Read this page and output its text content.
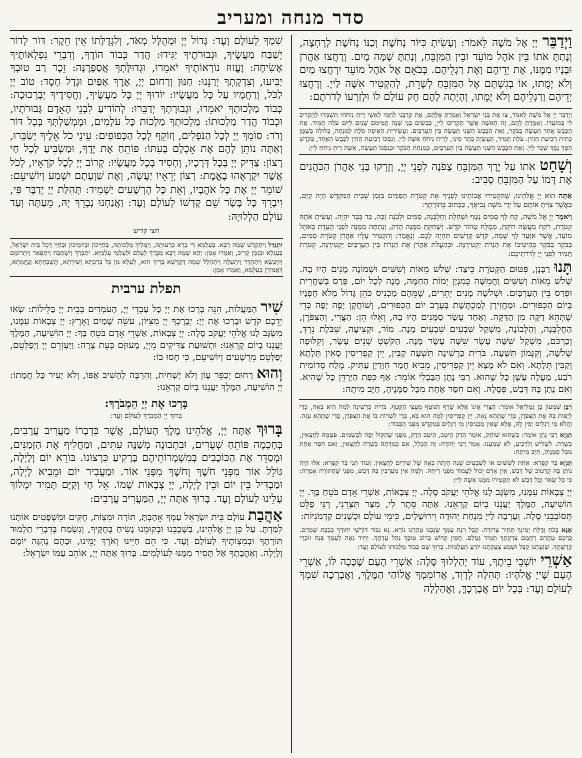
סדר מנחה ומעריב

וַיְדַבֵּר יְיָ אֶל מֹשֶׁה לֵּאמֹר: וְעָשִׂיתָ כִּיּוֹר נְחֹשֶׁת וְכַנּוֹ נְחֹשֶׁת לְרָחְצָה, וְנָתַתָּ אֹתוֹ בֵּין אֹהֶל מוֹעֵד וּבֵין הַמִּזְבֵּחַ, וְנָתַתָּ שָׁמָּה מָיִם. וְרָחֲצוּ אַהֲרֹן וּבָנָיו מִמֶּנּוּ, אֶת יְדֵיהֶם וְאֶת רַגְלֵיהֶם. בְּבֹאָם אֶל אֹהֶל מוֹעֵד יִרְחֲצוּ מַיִם וְלֹא יָמֻתוּ, אוֹ בְגִשְׁתָּם אֶל הַמִּזְבֵּחַ לְשָׁרֵת, לְהַקְטִיר אִשֶּׁה לַייָ. וְרָחֲצוּ יְדֵיהֶם וְרַגְלֵיהֶם וְלֹא יָמֻתוּ, וְהָיְתָה לָהֶם חָק עוֹלָם לוֹ וּלְזַרְעוֹ לְדֹרֹתָם:

וַיְדַבֵּר יְיָ אֶל מֹשֶׁה לֵּאמֹר, צַו אֶת בְּנֵי יִשְׂרָאֵל וְאָמַרְתָּ אֲלֵהֶם, אֶת קָרְבָּנִי לַחְמִי לְאִשַּׁי רֵיחַ נִיחֹחִי תִּשְׁמְרוּ לְהַקְרִיב לִי בְּמוֹעֲדוֹ. וְאָמַרְתָּ לָהֶם, זֶה הָאִשֶּׁה אֲשֶׁר תַּקְרִיבוּ לַייָ, כְּבָשִׂים בְּנֵי שָׁנָה תְמִימִם שְׁנַיִם לַיּוֹם עֹלָה תָמִיד. אֶת הַכֶּבֶשׂ אֶחָד תַּעֲשֶׂה בַבֹּקֶר, וְאֵת הַכֶּבֶשׂ הַשֵּׁנִי תַּעֲשֶׂה בֵּין הָעַרְבָּיִם. וַעֲשִׂירִית הָאֵיפָה סֹלֶת לְמִנְחָה, בְּלוּלָה בְּשֶׁמֶן כָּתִית רְבִיעִת הַהִין. עֹלַת תָּמִיד, הָעֲשֻׂיָה בְּהַר סִינַי, לְרֵיחַ נִיחֹחַ אִשֶּׁה לַייָ. וְנִסְכּוֹ רְבִיעִת הַהִין לַכֶּבֶשׂ הָאֶחָד, בַּקֹּדֶשׁ הַסֵּךְ נֶסֶךְ שֵׁכָר לַייָ. וְאֵת הַכֶּבֶשׂ הַשֵּׁנִי תַּעֲשֶׂה בֵּין הָעַרְבָּיִם, כְּמִנְחַת הַבֹּקֶר וּכְנִסְכּוֹ תַּעֲשֶׂה, אִשֵּׁה רֵיחַ נִיחֹחַ לַייָ:

וְשָׁחַט אֹתוֹ עַל יֶרֶךְ הַמִּזְבֵּחַ צָפֹנָה לִפְנֵי יְיָ, וְזָרְקוּ בְּנֵי אַהֲרֹן הַכֹּהֲנִים אֶת דָּמוֹ עַל הַמִּזְבֵּחַ סָבִיב:

אַתָּה הוּא יְיָ אֱלֹהֵינוּ, שֶׁהִקְטִירוּ אֲבוֹתֵינוּ לְפָנֶיךָ אֶת קְטֹרֶת הַסַּמִּים בִּזְמַן שֶׁבֵּית הַמִּקְדָּשׁ הָיָה קַיָּם, כַּאֲשֶׁר צִוִּיתָ אוֹתָם עַל יְדֵי מֹשֶׁה נְבִיאֶךָ, כַּכָּתוּב בְּתוֹרָתֶךָ:

וַיֹּאמֶר יְיָ אֶל מֹשֶׁה, קַח לְךָ סַמִּים נָטָף וּשְׁחֵלֶת וְחֶלְבְּנָה, סַמִּים וּלְבֹנָה זַכָּה, בַּד בְּבַד יִהְיֶה. וְעָשִׂיתָ אֹתָהּ קְטֹרֶת, רֹקַח מַעֲשֵׂה רוֹקֵחַ, מְמֻלָּח טָהוֹר קֹדֶשׁ. וְשָׁחַקְתָּ מִמֶּנָּה הָדֵק, וְנָתַתָּה מִמֶּנָּה לִפְנֵי הָעֵדֻת בְּאֹהֶל מוֹעֵד, אֲשֶׁר אִוָּעֵד לְךָ שָׁמָּה, קֹדֶשׁ קָדָשִׁים תִּהְיֶה לָכֶם. וְנֶאֱמַר: וְהִקְטִיר עָלָיו אַהֲרֹן קְטֹרֶת סַמִּים, בַּבֹּקֶר בַּבֹּקֶר בְּהֵיטִיבוֹ אֶת הַנֵּרֹת יַקְטִירֶנָּה. וּבְהַעֲלֹת אַהֲרֹן אֶת הַנֵּרֹת בֵּין הָעַרְבַּיִם יַקְטִירֶנָּה, קְטֹרֶת תָּמִיד לִפְנֵי יְיָ לְדֹרֹתֵיכֶם:

תָּנוּ רַבָּנָן, פִּטּוּם הַקְּטֹרֶת כֵּיצַד: שְׁלֹשׁ מֵאוֹת וְשִׁשִּׁים וּשְׁמוֹנָה מָנִים הָיוּ בָהּ. שְׁלֹשׁ מֵאוֹת וְשִׁשִּׁים וַחֲמִשָּׁה כְּמִנְיַן יְמוֹת הַחַמָּה, מָנֶה לְכָל יוֹם, פְּרַס בְּשַׁחֲרִית וּפְרַס בֵּין הָעַרְבָּיִם. וּשְׁלֹשָׁה מָנִים יְתֵרִים, שֶׁמֵּהֶם מַכְנִיס כֹּהֵן גָּדוֹל מְלֹא חָפְנָיו בְּיוֹם הַכִּפּוּרִים. וּמַחֲזִירָן לְמַכְתֶּשֶׁת בְּעֶרֶב יוֹם הַכִּפּוּרִים, וְשׁוֹחֲקָן יָפֶה יָפֶה כְּדֵי שֶׁתְּהֵא דַקָּה מִן הַדַּקָּה. וְאַחַד עָשָׂר סַמָּנִים הָיוּ בָהּ, וְאֵלּוּ הֵן: הַצֳּרִי, וְהַצִּפֹּרֶן, הַחֶלְבְּנָה, וְהַלְּבוֹנָה, מִשְׁקַל שִׁבְעִים שִׁבְעִים מָנֶה. מוֹר, וּקְצִיעָה, שִׁבֹּלֶת נֵרְדְּ, וְכַרְכֹּם, מִשְׁקַל שִׁשָּׁה עָשָׂר שִׁשָּׁה עָשָׂר מָנֶה. הַקֹּשְׁטְ שְׁנֵים עָשָׂר, וְקִלּוּפָה שְׁלֹשָׁה, וְקִנָּמוֹן תִּשְׁעָה. בֹּרִית כַּרְשִׁינָה תִּשְׁעָה קַבִּין, יֵין קַפְרִיסִין סְאִין תְּלָתָא וְקַבִּין תְּלָתָא. וְאִם לֹא מָצָא יֵין קַפְרִיסִין, מֵבִיא חֲמַר חִוַּרְיָן עַתִּיק. מֶלַח סְדוֹמִית רֹבַע, מַעֲלֶה עָשָׁן כָּל שֶׁהוּא. רַבִּי נָתָן הַבַּבְלִי אוֹמֵר: אַף כִּפַּת הַיַּרְדֵּן כָּל שֶׁהִיא. וְאִם נָתַן בָּהּ דְּבַשׁ, פְּסָלָהּ. וְאִם חִסַּר אַחַת מִכָּל סַמָּנֶיהָ, חַיָּב מִיתָה:

רַבָּן שִׁמְעוֹן בֶּן גַּמְלִיאֵל אוֹמֵר: הַצֳּרִי אֵינוֹ אֶלָּא שְׂרָף הַנּוֹטֵף מֵעֲצֵי הַקְּטָף. בֹּרִית כַּרְשִׁינָה לְמָה הִיא בָאָה, כְּדֵי לְיַפּוֹת בָּהּ אֶת הַצִּפֹּרֶן, כְּדֵי שֶׁתְּהֵא נָאָה. יֵין קַפְרִיסִין לְמָה הוּא בָא, כְּדֵי לִשְׁרוֹת בּוֹ אֶת הַצִּפֹּרֶן, כְּדֵי שֶׁתְּהֵא עַזָּה. וַהֲלֹא מֵי רַגְלַיִם יָפִין לָהּ, אֶלָּא שֶׁאֵין מַכְנִיסִין מֵי רַגְלַיִם בַּמִּקְדָּשׁ מִפְּנֵי הַכָּבוֹד:

תַּנְיָא רַבִּי נָתָן אוֹמֵר: כְּשֶׁהוּא שׁוֹחֵק, אוֹמֵר הָדֵק הֵיטֵב, הֵיטֵב הָדֵק, מִפְּנֵי שֶׁהַקּוֹל יָפֶה לַבְּשָׂמִים. פִּטְּמָהּ לַחֲצָאִין, כְּשֵׁרָה. לִשְׁלִישׁ וְלִרְבִיעַ, לֹא שָׁמַעְנוּ. אָמַר רַבִּי יְהוּדָה: זֶה הַכְּלָל, אִם כְּמִדָּתָהּ כְּשֵׁרָה לַחֲצָאִין, וְאִם חִסַּר אַחַת מִכָּל סַמָּנֶיהָ, חַיָּב מִיתָה:

תַּנְיָא בַּר קַפָּרָא: אַחַת לְשִׁשִּׁים אוֹ לְשִׁבְעִים שָׁנָה הָיְתָה בָאָה שֶׁל שִׁירַיִם לַחֲצָאִין. וְעוֹד תָּנֵי בַּר קַפָּרָא: אִלּוּ הָיָה נוֹתֵן בָּהּ קָרְטוֹב שֶׁל דְּבַשׁ, אֵין אָדָם יָכוֹל לַעֲמוֹד מִפְּנֵי רֵיחָהּ. וְלָמָּה אֵין מְעָרְבִין בָּהּ דְּבַשׁ, מִפְּנֵי שֶׁהַתּוֹרָה אָמְרָה: כִּי כָל שְׂאֹר וְכָל דְּבַשׁ לֹא תַקְטִירוּ מִמֶּנּוּ אִשֶּׁה לַייָ:

יְיָ צְבָאוֹת עִמָּנוּ, מִשְׂגָּב לָנוּ אֱלֹהֵי יַעֲקֹב סֶלָה. יְיָ צְבָאוֹת, אַשְׁרֵי אָדָם בֹּטֵחַ בָּךְ. יְיָ הוֹשִׁיעָה, הַמֶּלֶךְ יַעֲנֵנוּ בְיוֹם קָרְאֵנוּ. אַתָּה סֵתֶר לִי, מִצַּר תִּצְּרֵנִי, רָנֵּי פַלֵּט תְּסוֹבְבֵנִי סֶלָה. וְעָרְבָה לַייָ מִנְחַת יְהוּדָה וִירוּשָׁלָיִם, כִּימֵי עוֹלָם וּכְשָׁנִים קַדְמֹנִיּוֹת:

אָנָּא בְּכֹחַ גְּדֻלַּת יְמִינְךָ תַּתִּיר צְרוּרָה. קַבֵּל רִנַּת עַמְּךָ שַׂגְּבֵנוּ טַהֲרֵנוּ נוֹרָא. נָא גִבּוֹר דּוֹרְשֵׁי יִחוּדְךָ כְּבָבַת שָׁמְרֵם. בָּרְכֵם טַהֲרֵם רַחֲמֵם צִדְקָתְךָ תָּמִיד גָּמְלֵם. חֲסִין קָדוֹשׁ בְּרוֹב טוּבְךָ נַהֵל עֲדָתֶךָ. יָחִיד גֵּאֶה לְעַמְּךָ פְּנֵה זוֹכְרֵי קְדֻשָּׁתֶךָ. שַׁוְעָתֵנוּ קַבֵּל וּשְׁמַע צַעֲקָתֵנוּ יוֹדֵעַ תַּעֲלֻמוֹת. בָּרוּךְ שֵׁם כְּבוֹד מַלְכוּתוֹ לְעוֹלָם וָעֶד:

אַשְׁרֵי יוֹשְׁבֵי בֵיתֶךָ, עוֹד יְהַלְלוּךָ סֶּלָה: אַשְׁרֵי הָעָם שֶׁכָּכָה לּוֹ, אַשְׁרֵי הָעָם שֶׁייָ אֱלֹהָיו: תְּהִלָּה לְדָוִד, אֲרוֹמִמְךָ אֱלוֹהַי הַמֶּלֶךְ, וַאֲבָרְכָה שִׁמְךָ לְעוֹלָם וָעֶד: בְּכָל יוֹם אֲבָרְכֶךָּ, וַאֲהַלְלָה

שִׁמְךָ לְעוֹלָם וָעֶד: גָּדוֹל יְיָ וּמְהֻלָּל מְאֹד, וְלִגְדֻלָּתוֹ אֵין חֵקֶר: דּוֹר לְדוֹר יְשַׁבַּח מַעֲשֶׂיךָ, וּגְבוּרֹתֶיךָ יַגִּידוּ: הֲדַר כְּבוֹד הוֹדֶךָ, וְדִבְרֵי נִפְלְאוֹתֶיךָ אָשִׂיחָה: וֶעֱזוּז נוֹרְאוֹתֶיךָ יֹאמֵרוּ, וּגְדוּלָּתְךָ אֲסַפְּרֶנָּה: זֵכֶר רַב טוּבְךָ יַבִּיעוּ, וְצִדְקָתְךָ יְרַנֵּנוּ: חַנּוּן וְרַחוּם יְיָ, אֶרֶךְ אַפַּיִם וּגְדָל חָסֶד: טוֹב יְיָ לַכֹּל, וְרַחֲמָיו עַל כָּל מַעֲשָׂיו: יוֹדוּךָ יְיָ כָּל מַעֲשֶׂיךָ, וַחֲסִידֶיךָ יְבָרְכוּכָה: כְּבוֹד מַלְכוּתְךָ יֹאמֵרוּ, וּגְבוּרָתְךָ יְדַבֵּרוּ: לְהוֹדִיעַ לִבְנֵי הָאָדָם גְּבוּרֹתָיו, וּכְבוֹד הֲדַר מַלְכוּתוֹ: מַלְכוּתְךָ מַלְכוּת כָּל עֹלָמִים, וּמֶמְשַׁלְתְּךָ בְּכָל דּוֹר וָדֹר: סוֹמֵךְ יְיָ לְכָל הַנֹּפְלִים, וְזוֹקֵף לְכָל הַכְּפוּפִים: עֵינֵי כֹל אֵלֶיךָ יְשַׂבֵּרוּ, וְאַתָּה נוֹתֵן לָהֶם אֶת אָכְלָם בְּעִתּוֹ: פּוֹתֵחַ אֶת יָדֶךָ, וּמַשְׂבִּיעַ לְכָל חַי רָצוֹן: צַדִּיק יְיָ בְּכָל דְּרָכָיו, וְחָסִיד בְּכָל מַעֲשָׂיו: קָרוֹב יְיָ לְכָל קֹרְאָיו, לְכֹל אֲשֶׁר יִקְרָאֻהוּ בֶאֱמֶת: רְצוֹן יְרֵאָיו יַעֲשֶׂה, וְאֶת שַׁוְעָתָם יִשְׁמַע וְיוֹשִׁיעֵם: שׁוֹמֵר יְיָ אֶת כָּל אֹהֲבָיו, וְאֵת כָּל הָרְשָׁעִים יַשְׁמִיד: תְּהִלַּת יְיָ יְדַבֶּר פִּי, וִיבָרֵךְ כָּל בָּשָׂר שֵׁם קָדְשׁוֹ לְעוֹלָם וָעֶד: וַאֲנַחְנוּ נְבָרֵךְ יָהּ, מֵעַתָּה וְעַד עוֹלָם הַלְלוּיָהּ:

חצי קדיש

יִתְגַּדַּל וְיִתְקַדַּשׁ שְׁמֵהּ רַבָּא. בְּעָלְמָא דִּי בְרָא כִרְעוּתֵהּ, וְיַמְלִיךְ מַלְכוּתֵהּ, בְּחַיֵּיכוֹן וּבְיוֹמֵיכוֹן וּבְחַיֵּי דְכָל בֵּית יִשְׂרָאֵל, בַּעֲגָלָא וּבִזְמַן קָרִיב, וְאִמְרוּ אָמֵן: יְהֵא שְׁמֵהּ רַבָּא מְבָרַךְ לְעָלַם וּלְעָלְמֵי עָלְמַיָּא. יִתְבָּרַךְ וְיִשְׁתַּבַּח וְיִתְפָּאַר וְיִתְרוֹמַם וְיִתְנַשֵּׂא וְיִתְהַדָּר וְיִתְעַלֶּה וְיִתְהַלָּל שְׁמֵהּ דְּקֻדְשָׁא בְּרִיךְ הוּא, לְעֵלָּא מִן כָּל בִּרְכָתָא וְשִׁירָתָא, תֻּשְׁבְּחָתָא וְנֶחֱמָתָא, דַּאֲמִירָן בְּעָלְמָא, וְאִמְרוּ אָמֵן:

תפלת ערבית

שִׁיר הַמַּעֲלוֹת, הִנֵּה בָּרְכוּ אֶת יְיָ כָּל עַבְדֵי יְיָ, הָעֹמְדִים בְּבֵית יְיָ בַּלֵּילוֹת: שְׂאוּ יְדֵכֶם קֹדֶשׁ וּבָרְכוּ אֶת יְיָ: יְבָרֶכְךָ יְיָ מִצִּיּוֹן, עֹשֵׂה שָׁמַיִם וָאָרֶץ: יְיָ צְבָאוֹת עִמָּנוּ, מִשְׂגָּב לָנוּ אֱלֹהֵי יַעֲקֹב סֶלָה: יְיָ צְבָאוֹת, אַשְׁרֵי אָדָם בֹּטֵחַ בָּךְ: יְיָ הוֹשִׁיעָה, הַמֶּלֶךְ יַעֲנֵנוּ בְיוֹם קָרְאֵנוּ: וּתְשׁוּעַת צַדִּיקִים מֵיְיָ, מָעוּזָּם בְּעֵת צָרָה: וַיַּעְזְרֵם יְיָ וַיְפַלְּטֵם, יְפַלְּטֵם מֵרְשָׁעִים וְיוֹשִׁיעֵם, כִּי חָסוּ בוֹ:

וְהוּא רַחוּם יְכַפֵּר עָוֹן וְלֹא יַשְׁחִית, וְהִרְבָּה לְהָשִׁיב אַפּוֹ, וְלֹא יָעִיר כָּל חֲמָתוֹ: יְיָ הוֹשִׁיעָה, הַמֶּלֶךְ יַעֲנֵנוּ בְיוֹם קָרְאֵנוּ:

בָּרְכוּ אֶת יְיָ הַמְבֹרָךְ:
בָּרוּךְ יְיָ הַמְבֹרָךְ לְעוֹלָם וָעֶד:

בָּרוּךְ אַתָּה יְיָ, אֱלֹהֵינוּ מֶלֶךְ הָעוֹלָם, אֲשֶׁר בִּדְבָרוֹ מַעֲרִיב עֲרָבִים, בְּחָכְמָה פּוֹתֵחַ שְׁעָרִים, וּבִתְבוּנָה מְשַׁנֶּה עִתִּים, וּמַחֲלִיף אֶת הַזְּמַנִּים, וּמְסַדֵּר אֶת הַכּוֹכָבִים בְּמִשְׁמְרוֹתֵיהֶם בָּרָקִיעַ כִּרְצוֹנוֹ. בּוֹרֵא יוֹם וָלָיְלָה, גּוֹלֵל אוֹר מִפְּנֵי חֹשֶׁךְ וְחֹשֶׁךְ מִפְּנֵי אוֹר. וּמַעֲבִיר יוֹם וּמֵבִיא לָיְלָה, וּמַבְדִּיל בֵּין יוֹם וּבֵין לָיְלָה, יְיָ צְבָאוֹת שְׁמוֹ. אֵל חַי וְקַיָּם תָּמִיד יִמְלוֹךְ עָלֵינוּ לְעוֹלָם וָעֶד. בָּרוּךְ אַתָּה יְיָ, הַמַּעֲרִיב עֲרָבִים:

אַהֲבַת עוֹלָם בֵּית יִשְׂרָאֵל עַמְּךָ אָהָבְתָּ, תּוֹרָה וּמִצְוֹת, חֻקִּים וּמִשְׁפָּטִים אוֹתָנוּ לִמַּדְתָּ. עַל כֵּן יְיָ אֱלֹהֵינוּ, בְּשָׁכְבֵנוּ וּבְקוּמֵנוּ נָשִׂיחַ בְּחֻקֶּיךָ, וְנִשְׂמַח בְּדִבְרֵי תַלְמוּד תּוֹרָתֶךָ וּבְמִצְוֹתֶיךָ לְעוֹלָם וָעֶד. כִּי הֵם חַיֵּינוּ וְאֹרֶךְ יָמֵינוּ, וּבָהֶם נֶהְגֶּה יוֹמָם וָלָיְלָה. וְאַהֲבָתְךָ אַל תָּסִיר מִמֶּנּוּ לְעוֹלָמִים. בָּרוּךְ אַתָּה יְיָ, אוֹהֵב עַמּוֹ יִשְׂרָאֵל:
